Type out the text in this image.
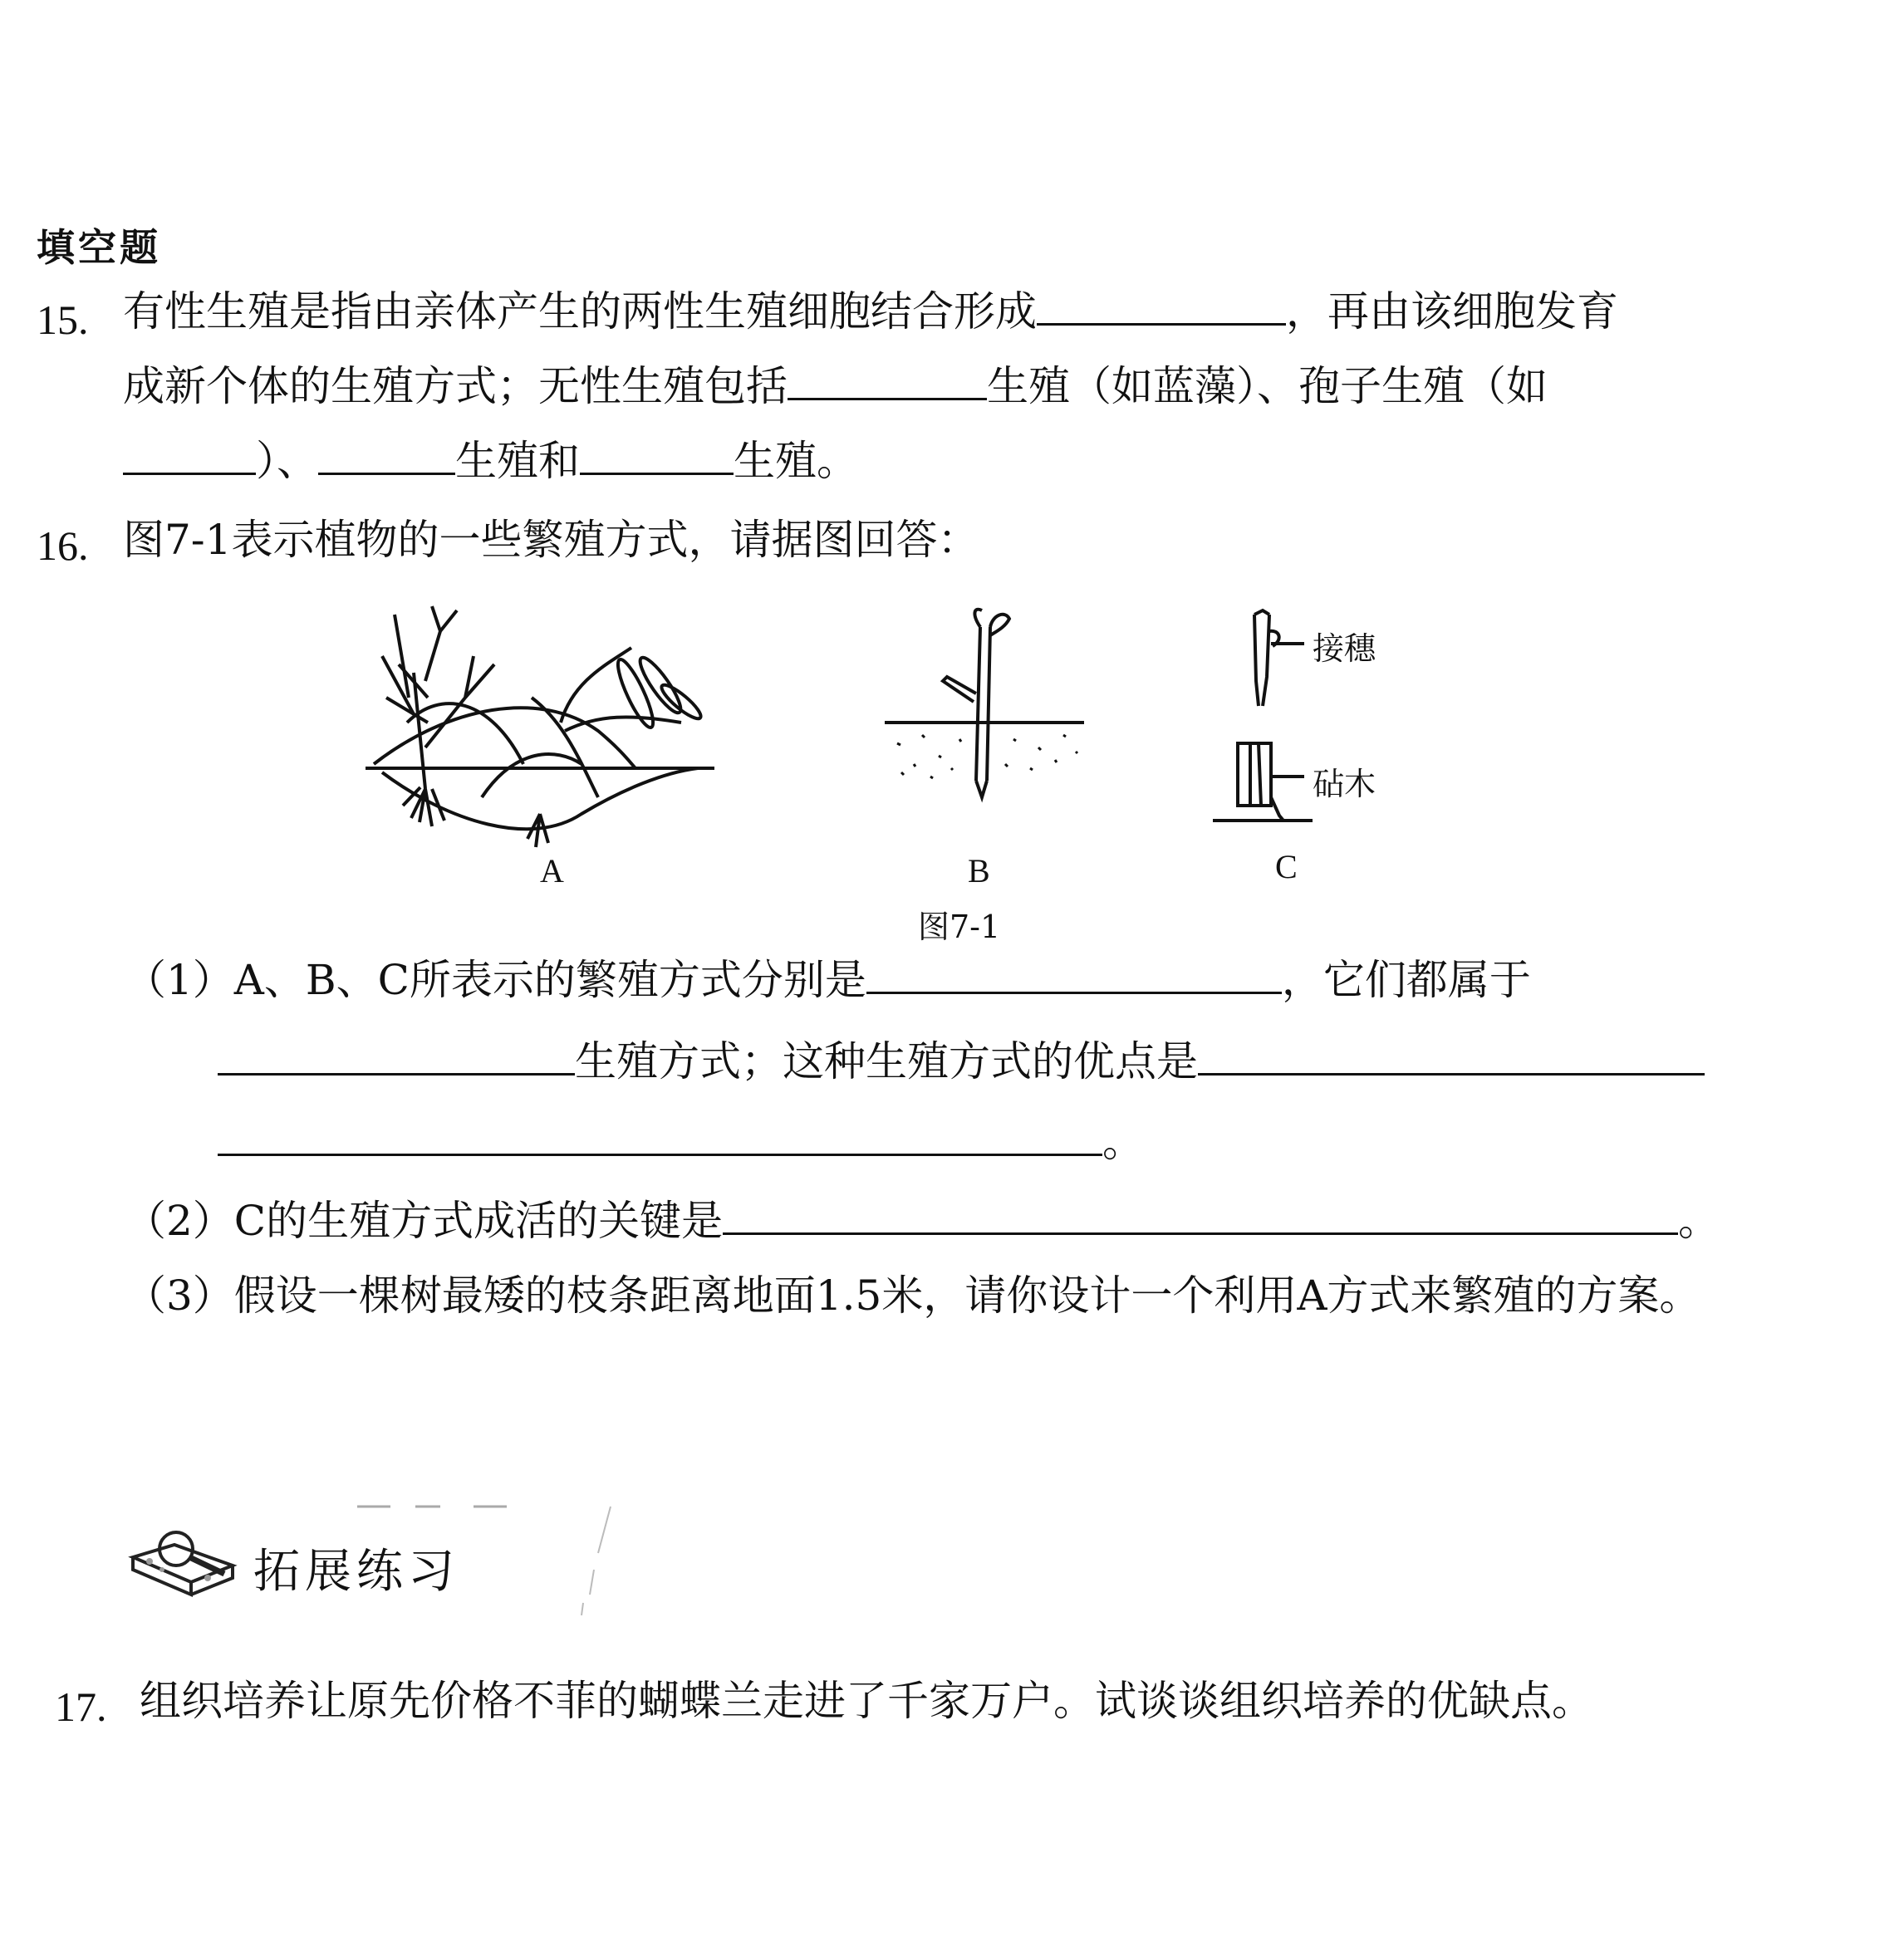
填空题
15. 有性生殖是指由亲体产生的两性生殖细胞结合形成	，再由该细胞发育
成新个体的生殖方式；无性生殖包括	生殖（如蓝藻）、孢子生殖（如
）、	生殖和	生殖。
16. 图7-1表示植物的一些繁殖方式，请据图回答：
A	B	C
接穗
砧木
图7-1
（1）A、B、C所表示的繁殖方式分别是	，它们都属于
生殖方式；这种生殖方式的优点是
。
（2）C的生殖方式成活的关键是	。
（3）假设一棵树最矮的枝条距离地面1.5米，请你设计一个利用A方式来繁殖的方案。
拓展练习
17. 组织培养让原先价格不菲的蝴蝶兰走进了千家万户。试谈谈组织培养的优缺点。
